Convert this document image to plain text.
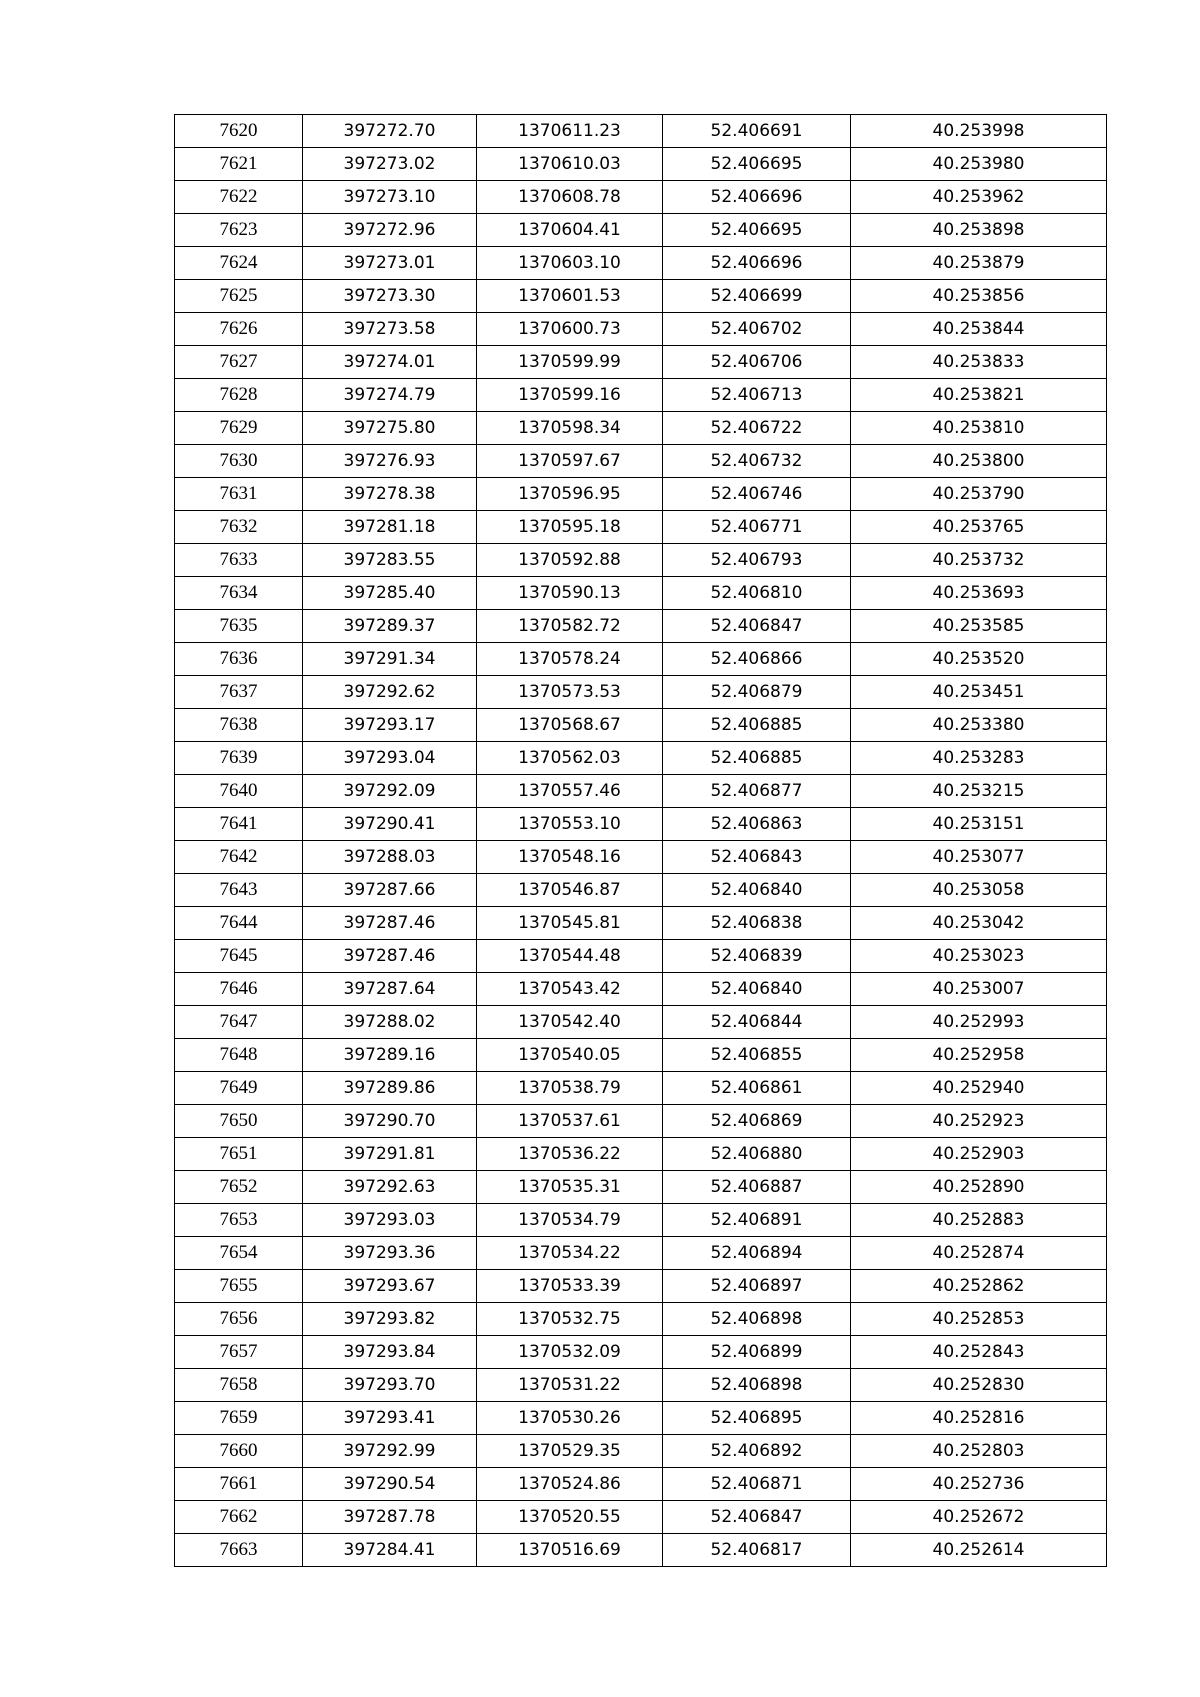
7620	397272.70	1370611.23	52.406691	40.253998
7621	397273.02	1370610.03	52.406695	40.253980
7622	397273.10	1370608.78	52.406696	40.253962
7623	397272.96	1370604.41	52.406695	40.253898
7624	397273.01	1370603.10	52.406696	40.253879
7625	397273.30	1370601.53	52.406699	40.253856
7626	397273.58	1370600.73	52.406702	40.253844
7627	397274.01	1370599.99	52.406706	40.253833
7628	397274.79	1370599.16	52.406713	40.253821
7629	397275.80	1370598.34	52.406722	40.253810
7630	397276.93	1370597.67	52.406732	40.253800
7631	397278.38	1370596.95	52.406746	40.253790
7632	397281.18	1370595.18	52.406771	40.253765
7633	397283.55	1370592.88	52.406793	40.253732
7634	397285.40	1370590.13	52.406810	40.253693
7635	397289.37	1370582.72	52.406847	40.253585
7636	397291.34	1370578.24	52.406866	40.253520
7637	397292.62	1370573.53	52.406879	40.253451
7638	397293.17	1370568.67	52.406885	40.253380
7639	397293.04	1370562.03	52.406885	40.253283
7640	397292.09	1370557.46	52.406877	40.253215
7641	397290.41	1370553.10	52.406863	40.253151
7642	397288.03	1370548.16	52.406843	40.253077
7643	397287.66	1370546.87	52.406840	40.253058
7644	397287.46	1370545.81	52.406838	40.253042
7645	397287.46	1370544.48	52.406839	40.253023
7646	397287.64	1370543.42	52.406840	40.253007
7647	397288.02	1370542.40	52.406844	40.252993
7648	397289.16	1370540.05	52.406855	40.252958
7649	397289.86	1370538.79	52.406861	40.252940
7650	397290.70	1370537.61	52.406869	40.252923
7651	397291.81	1370536.22	52.406880	40.252903
7652	397292.63	1370535.31	52.406887	40.252890
7653	397293.03	1370534.79	52.406891	40.252883
7654	397293.36	1370534.22	52.406894	40.252874
7655	397293.67	1370533.39	52.406897	40.252862
7656	397293.82	1370532.75	52.406898	40.252853
7657	397293.84	1370532.09	52.406899	40.252843
7658	397293.70	1370531.22	52.406898	40.252830
7659	397293.41	1370530.26	52.406895	40.252816
7660	397292.99	1370529.35	52.406892	40.252803
7661	397290.54	1370524.86	52.406871	40.252736
7662	397287.78	1370520.55	52.406847	40.252672
7663	397284.41	1370516.69	52.406817	40.252614
